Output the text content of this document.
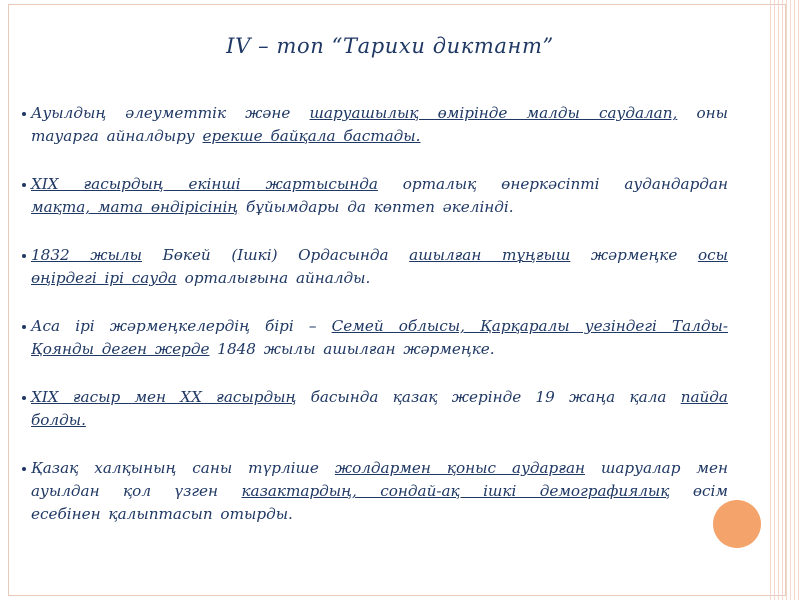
IV – топ “Тарихи диктант”
Ауылдың әлеуметтік және шаруашылық өмірінде малды саудалап, оны
тауарга айналдыру ерекше байқала бастады.
XIX ғасырдың екінші жартысында орталық өнеркәсіпті аудандардан
мақта, мата өндірісінің бұйымдары да көптеп әкелінді.
1832 жылы Бөкей (Ішкі) Ордасында ашылған тұңғыш жәрмеңке осы
өңірдегі ірі сауда орталығына айналды.
Аса ірі жәрмеңкелердің бірі – Семей облысы, Қарқаралы уезіндегі Талды-
Қоянды деген жерде 1848 жылы ашылған жәрмеңке.
XIX ғасыр мен XX ғасырдың басында қазақ жерінде 19 жаңа қала пайда
болды.
Қазақ халқының саны түрліше жолдармен қоныс аударған шаруалар мен
ауылдан қол үзген казактардың, сондай-ақ ішкі демографиялық өсім
есебінен қалыптасып отырды.
